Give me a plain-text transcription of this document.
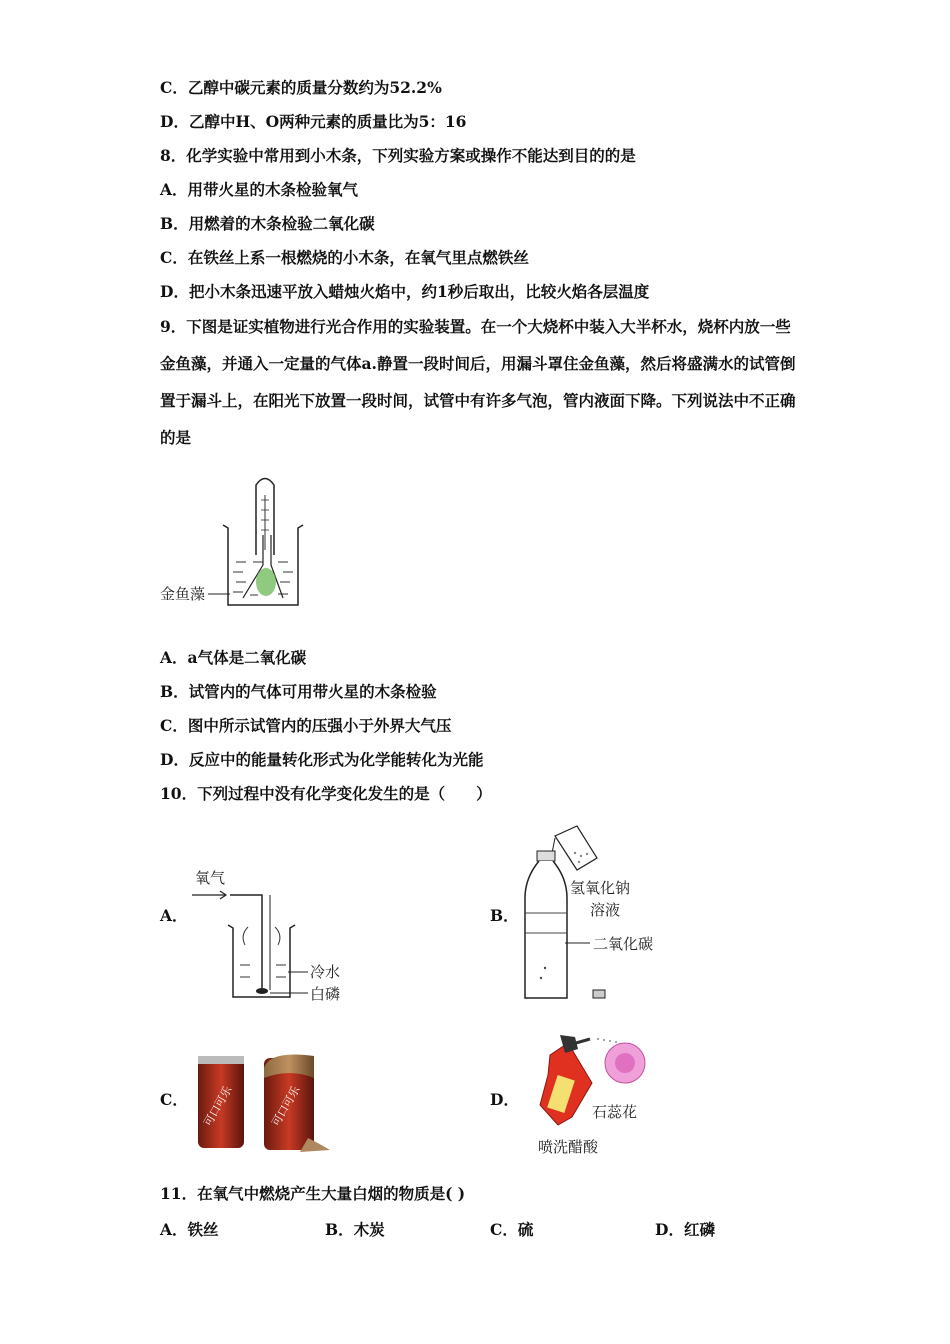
C．乙醇中碳元素的质量分数约为52.2%
D．乙醇中H、O两种元素的质量比为5：16
8．化学实验中常用到小木条，下列实验方案或操作不能达到目的的是
A．用带火星的木条检验氧气
B．用燃着的木条检验二氧化碳
C．在铁丝上系一根燃烧的小木条，在氧气里点燃铁丝
D．把小木条迅速平放入蜡烛火焰中，约1秒后取出，比较火焰各层温度
9．下图是证实植物进行光合作用的实验装置。在一个大烧杯中装入大半杯水，烧杯内放一些金鱼藻，并通入一定量的气体a.静置一段时间后，用漏斗罩住金鱼藻，然后将盛满水的试管倒置于漏斗上，在阳光下放置一段时间，试管中有许多气泡，管内液面下降。下列说法中不正确的是
金鱼藻
A．a气体是二氧化碳
B．试管内的气体可用带火星的木条检验
C．图中所示试管内的压强小于外界大气压
D．反应中的能量转化形式为化学能转化为光能
10．下列过程中没有化学变化发生的是（　　）
A．	B．
C．	D．
氧气
冷水
白磷
氢氧化钠
溶液
二氧化碳
可口可乐	可口可乐	石蕊花
喷洗醋酸
11．在氧气中燃烧产生大量白烟的物质是( )
A．铁丝	B．木炭	C．硫	D．红磷
